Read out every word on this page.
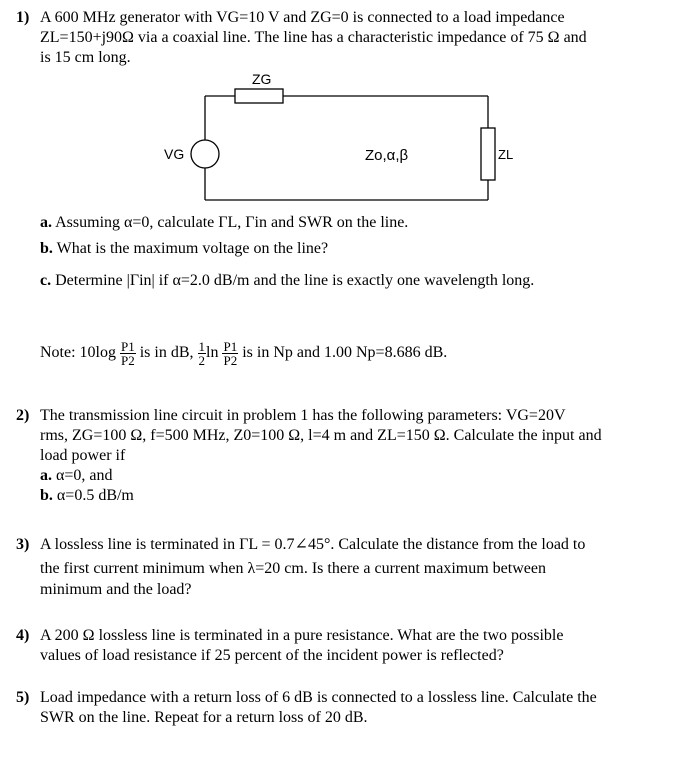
1) A 600 MHz generator with VG=10 V and ZG=0 is connected to a load impedance
ZL=150+j90Ω via a coaxial line. The line has a characteristic impedance of 75 Ω and
is 15 cm long.
ZG
VG	ZL
Zo,α,β
a. Assuming α=0, calculate ΓL, Γin and SWR on the line.
b. What is the maximum voltage on the line?
c. Determine |Γin| if α=2.0 dB/m and the line is exactly one wavelength long.
Note: $10\log \frac{P1}{P2}$ is in dB, $\frac{1}{2}$ $\ln \frac{P1}{P2}$ is in Np and 1.00 Np=8.686 dB.
2) The transmission line circuit in problem 1 has the following parameters: VG=20V
rms, ZG=100 Ω, f=500 MHz, Z0=100 Ω, l=4 m and ZL=150 Ω. Calculate the input and
load power if
a. α=0, and
b. α=0.5 dB/m
3) A lossless line is terminated in ΓL = 0.7∠45°. Calculate the distance from the load to
the first current minimum when λ=20 cm. Is there a current maximum between
minimum and the load?
4) A 200 Ω lossless line is terminated in a pure resistance. What are the two possible
values of load resistance if 25 percent of the incident power is reflected?
5) Load impedance with a return loss of 6 dB is connected to a lossless line. Calculate the
SWR on the line. Repeat for a return loss of 20 dB.
